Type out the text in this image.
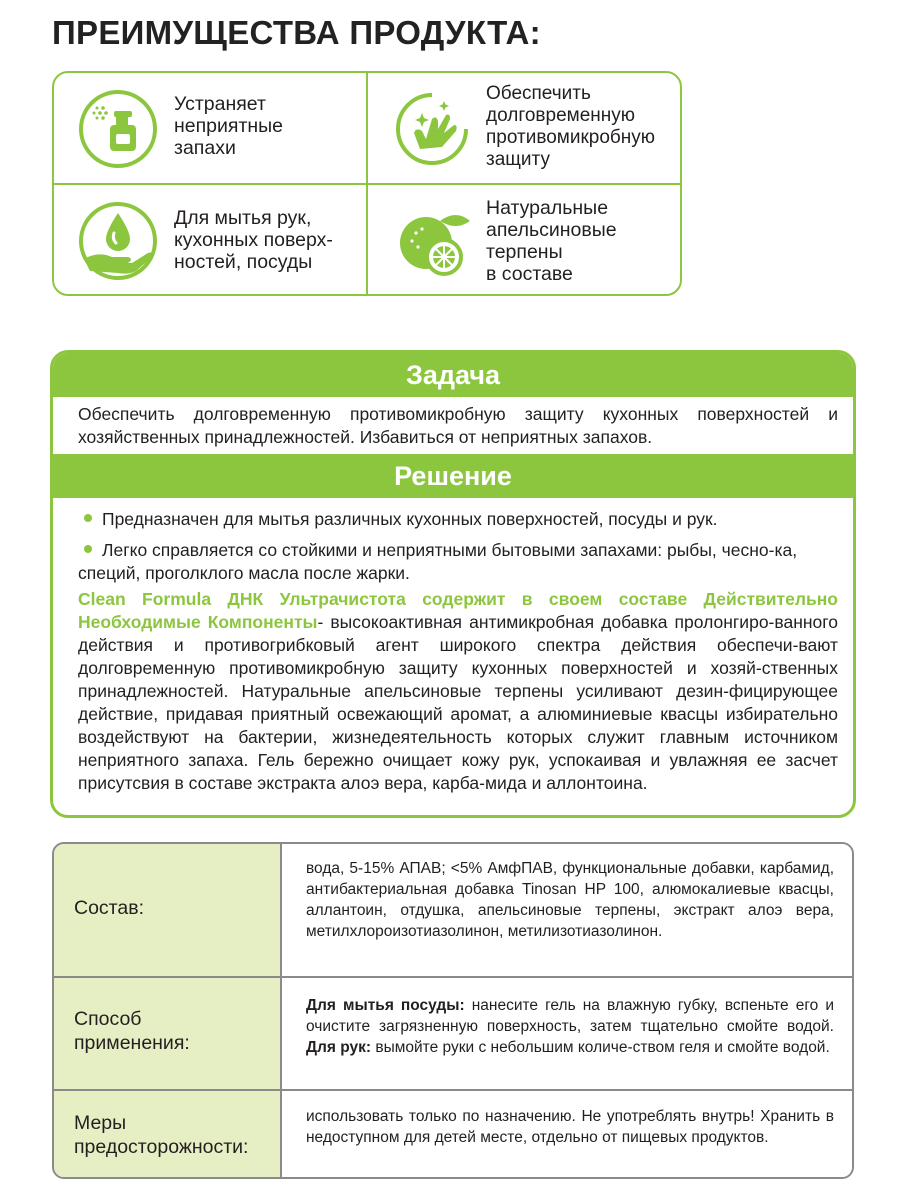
ПРЕИМУЩЕСТВА ПРОДУКТА:
Устраняет
неприятные
запахи
Обеспечить
долговременную
противомикробную
защиту
Для мытья рук,
кухонных поверх-
ностей, посуды
Натуральные
апельсиновые
терпены
в составе
Задача
Обеспечить долговременную противомикробную защиту кухонных поверхностей и хозяйственных принадлежностей. Избавиться от неприятных запахов.
Решение
Предназначен для мытья различных кухонных поверхностей, посуды и рук.
Легко справляется со стойкими и неприятными бытовыми запахами: рыбы, чесно-ка, специй, проголклого масла после жарки.
Clean Formula ДНК Ультрачистота содержит в своем составе Действительно Необходимые Компоненты- высокоактивная антимикробная добавка пролонгиро-ванного действия и противогрибковый агент широкого спектра действия обеспечи-вают долговременную противомикробную защиту кухонных поверхностей и хозяй-ственных принадлежностей. Натуральные апельсиновые терпены усиливают дезин-фицирующее действие, придавая приятный освежающий аромат, а алюминиевые квасцы избирательно воздействуют на бактерии, жизнедеятельность которых служит главным источником неприятного запаха. Гель бережно очищает кожу рук, успокаивая и увлажняя ее засчет присутсвия в составе экстракта алоэ вера, карба-мида и аллонтоина.
Состав:
вода, 5-15% АПАВ; <5% АмфПАВ, функциональные добавки, карбамид, антибактериальная добавка Tinosan HP 100, алюмокалиевые квасцы, аллантоин, отдушка, апельсиновые терпены, экстракт алоэ вера, метилхлороизотиазолинон, метилизотиазолинон.
Способ
применения:
Для мытья посуды: нанесите гель на влажную губку, вспеньте его и очистите загрязненную поверхность, затем тщательно смойте водой. Для рук: вымойте руки с небольшим количе-ством геля и смойте водой.
Меры
предосторожности:
использовать только по назначению. Не употреблять внутрь! Хранить в недоступном для детей месте, отдельно от пищевых продуктов.
